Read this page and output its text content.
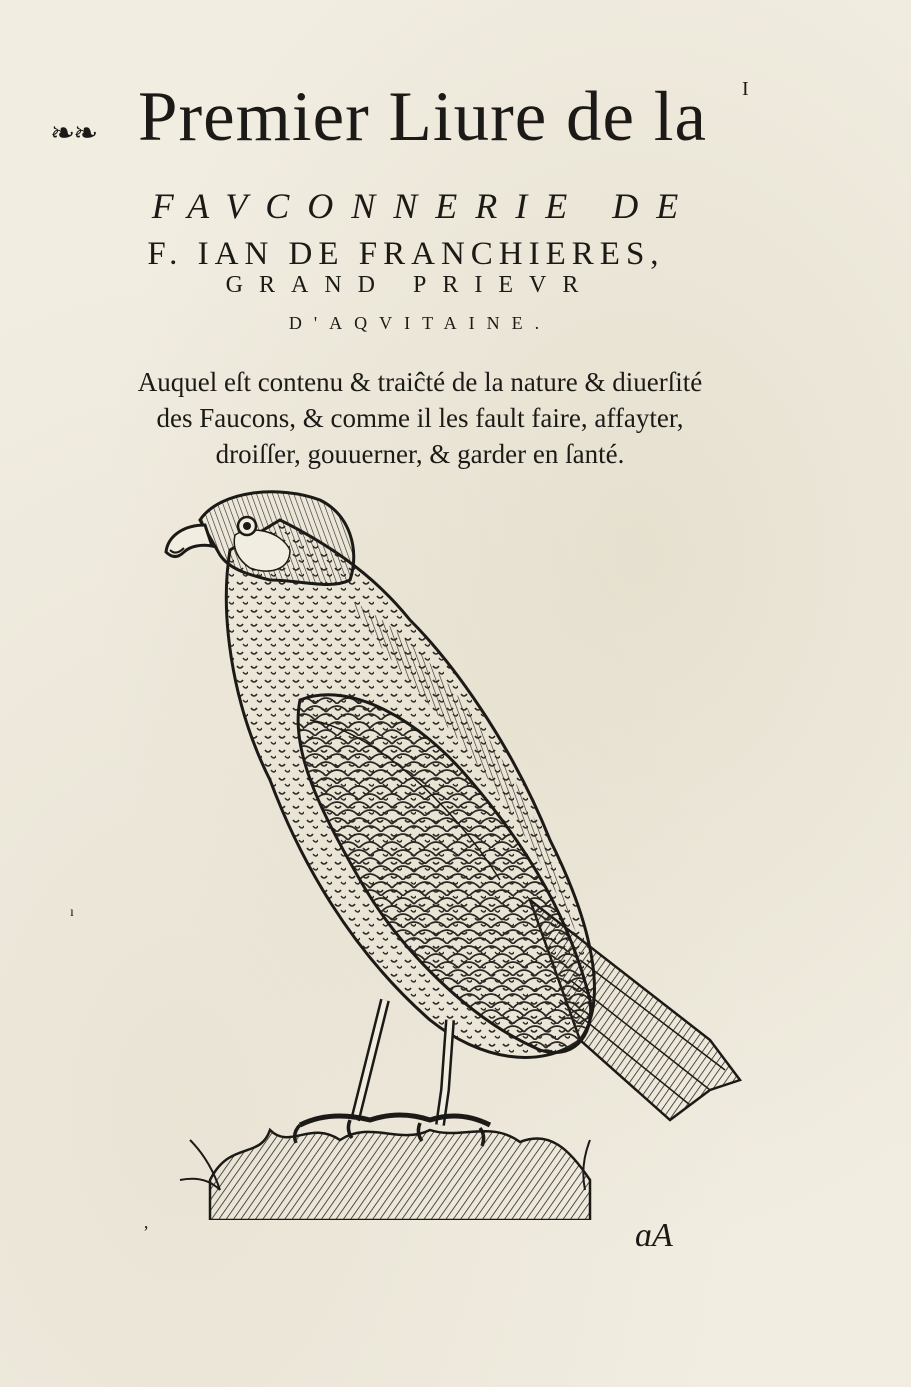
I
❧❧ Premier Liure de la
FAVCONNERIE DE
F. IAN DE FRANCHIERES,
GRAND PRIEVR
D'AQVITAINE.
Auquel eſt contenu & traiĉté de la nature & diuerſité
des Faucons, & comme il les fault faire, affayter,
droiſſer, gouuerner, & garder en ſanté.
ı
ʼ	ɑA
